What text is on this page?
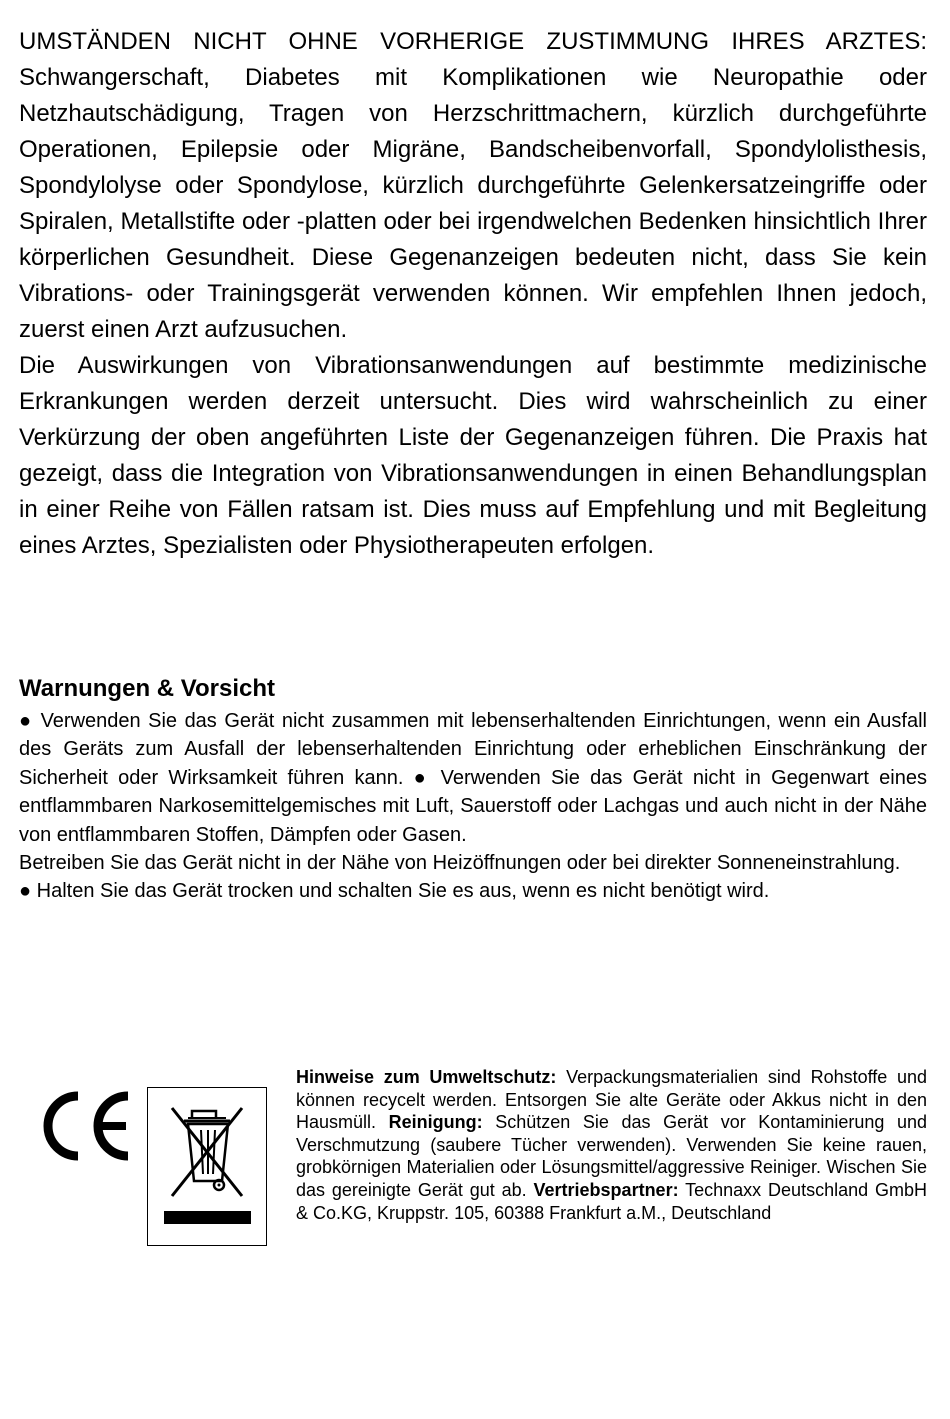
UMSTÄNDEN NICHT OHNE VORHERIGE ZUSTIMMUNG IHRES ARZTES: Schwangerschaft, Diabetes mit Komplikationen wie Neuropathie oder Netzhautschädigung, Tragen von Herzschrittmachern, kürzlich durchgeführte Operationen, Epilepsie oder Migräne, Bandscheibenvorfall, Spondylolisthesis, Spondylolyse oder Spondylose, kürzlich durchgeführte Gelenkersatzeingriffe oder Spiralen, Metallstifte oder -platten oder bei irgendwelchen Bedenken hinsichtlich Ihrer körperlichen Gesundheit. Diese Gegenanzeigen bedeuten nicht, dass Sie kein Vibrations- oder Trainingsgerät verwenden können. Wir empfehlen Ihnen jedoch, zuerst einen Arzt aufzusuchen.

Die Auswirkungen von Vibrationsanwendungen auf bestimmte medizinische Erkrankungen werden derzeit untersucht. Dies wird wahrscheinlich zu einer Verkürzung der oben angeführten Liste der Gegenanzeigen führen. Die Praxis hat gezeigt, dass die Integration von Vibrationsanwendungen in einen Behandlungsplan in einer Reihe von Fällen ratsam ist. Dies muss auf Empfehlung und mit Begleitung eines Arztes, Spezialisten oder Physiotherapeuten erfolgen.

Warnungen & Vorsicht

● Verwenden Sie das Gerät nicht zusammen mit lebenserhaltenden Einrichtungen, wenn ein Ausfall des Geräts zum Ausfall der lebenserhaltenden Einrichtung oder erheblichen Einschränkung der Sicherheit oder Wirksamkeit führen kann. ● Verwenden Sie das Gerät nicht in Gegenwart eines entflammbaren Narkosemittelgemisches mit Luft, Sauerstoff oder Lachgas und auch nicht in der Nähe von entflammbaren Stoffen, Dämpfen oder Gasen.

Betreiben Sie das Gerät nicht in der Nähe von Heizöffnungen oder bei direkter Sonneneinstrahlung.

● Halten Sie das Gerät trocken und schalten Sie es aus, wenn es nicht benötigt wird.

Hinweise zum Umweltschutz: Verpackungsmaterialien sind Rohstoffe und können recycelt werden. Entsorgen Sie alte Geräte oder Akkus nicht in den Hausmüll. Reinigung: Schützen Sie das Gerät vor Kontaminierung und Verschmutzung (saubere Tücher verwenden). Verwenden Sie keine rauen, grobkörnigen Materialien oder Lösungsmittel/aggressive Reiniger. Wischen Sie das gereinigte Gerät gut ab. Vertriebspartner: Technaxx Deutschland GmbH & Co.KG, Kruppstr. 105, 60388 Frankfurt a.M., Deutschland
